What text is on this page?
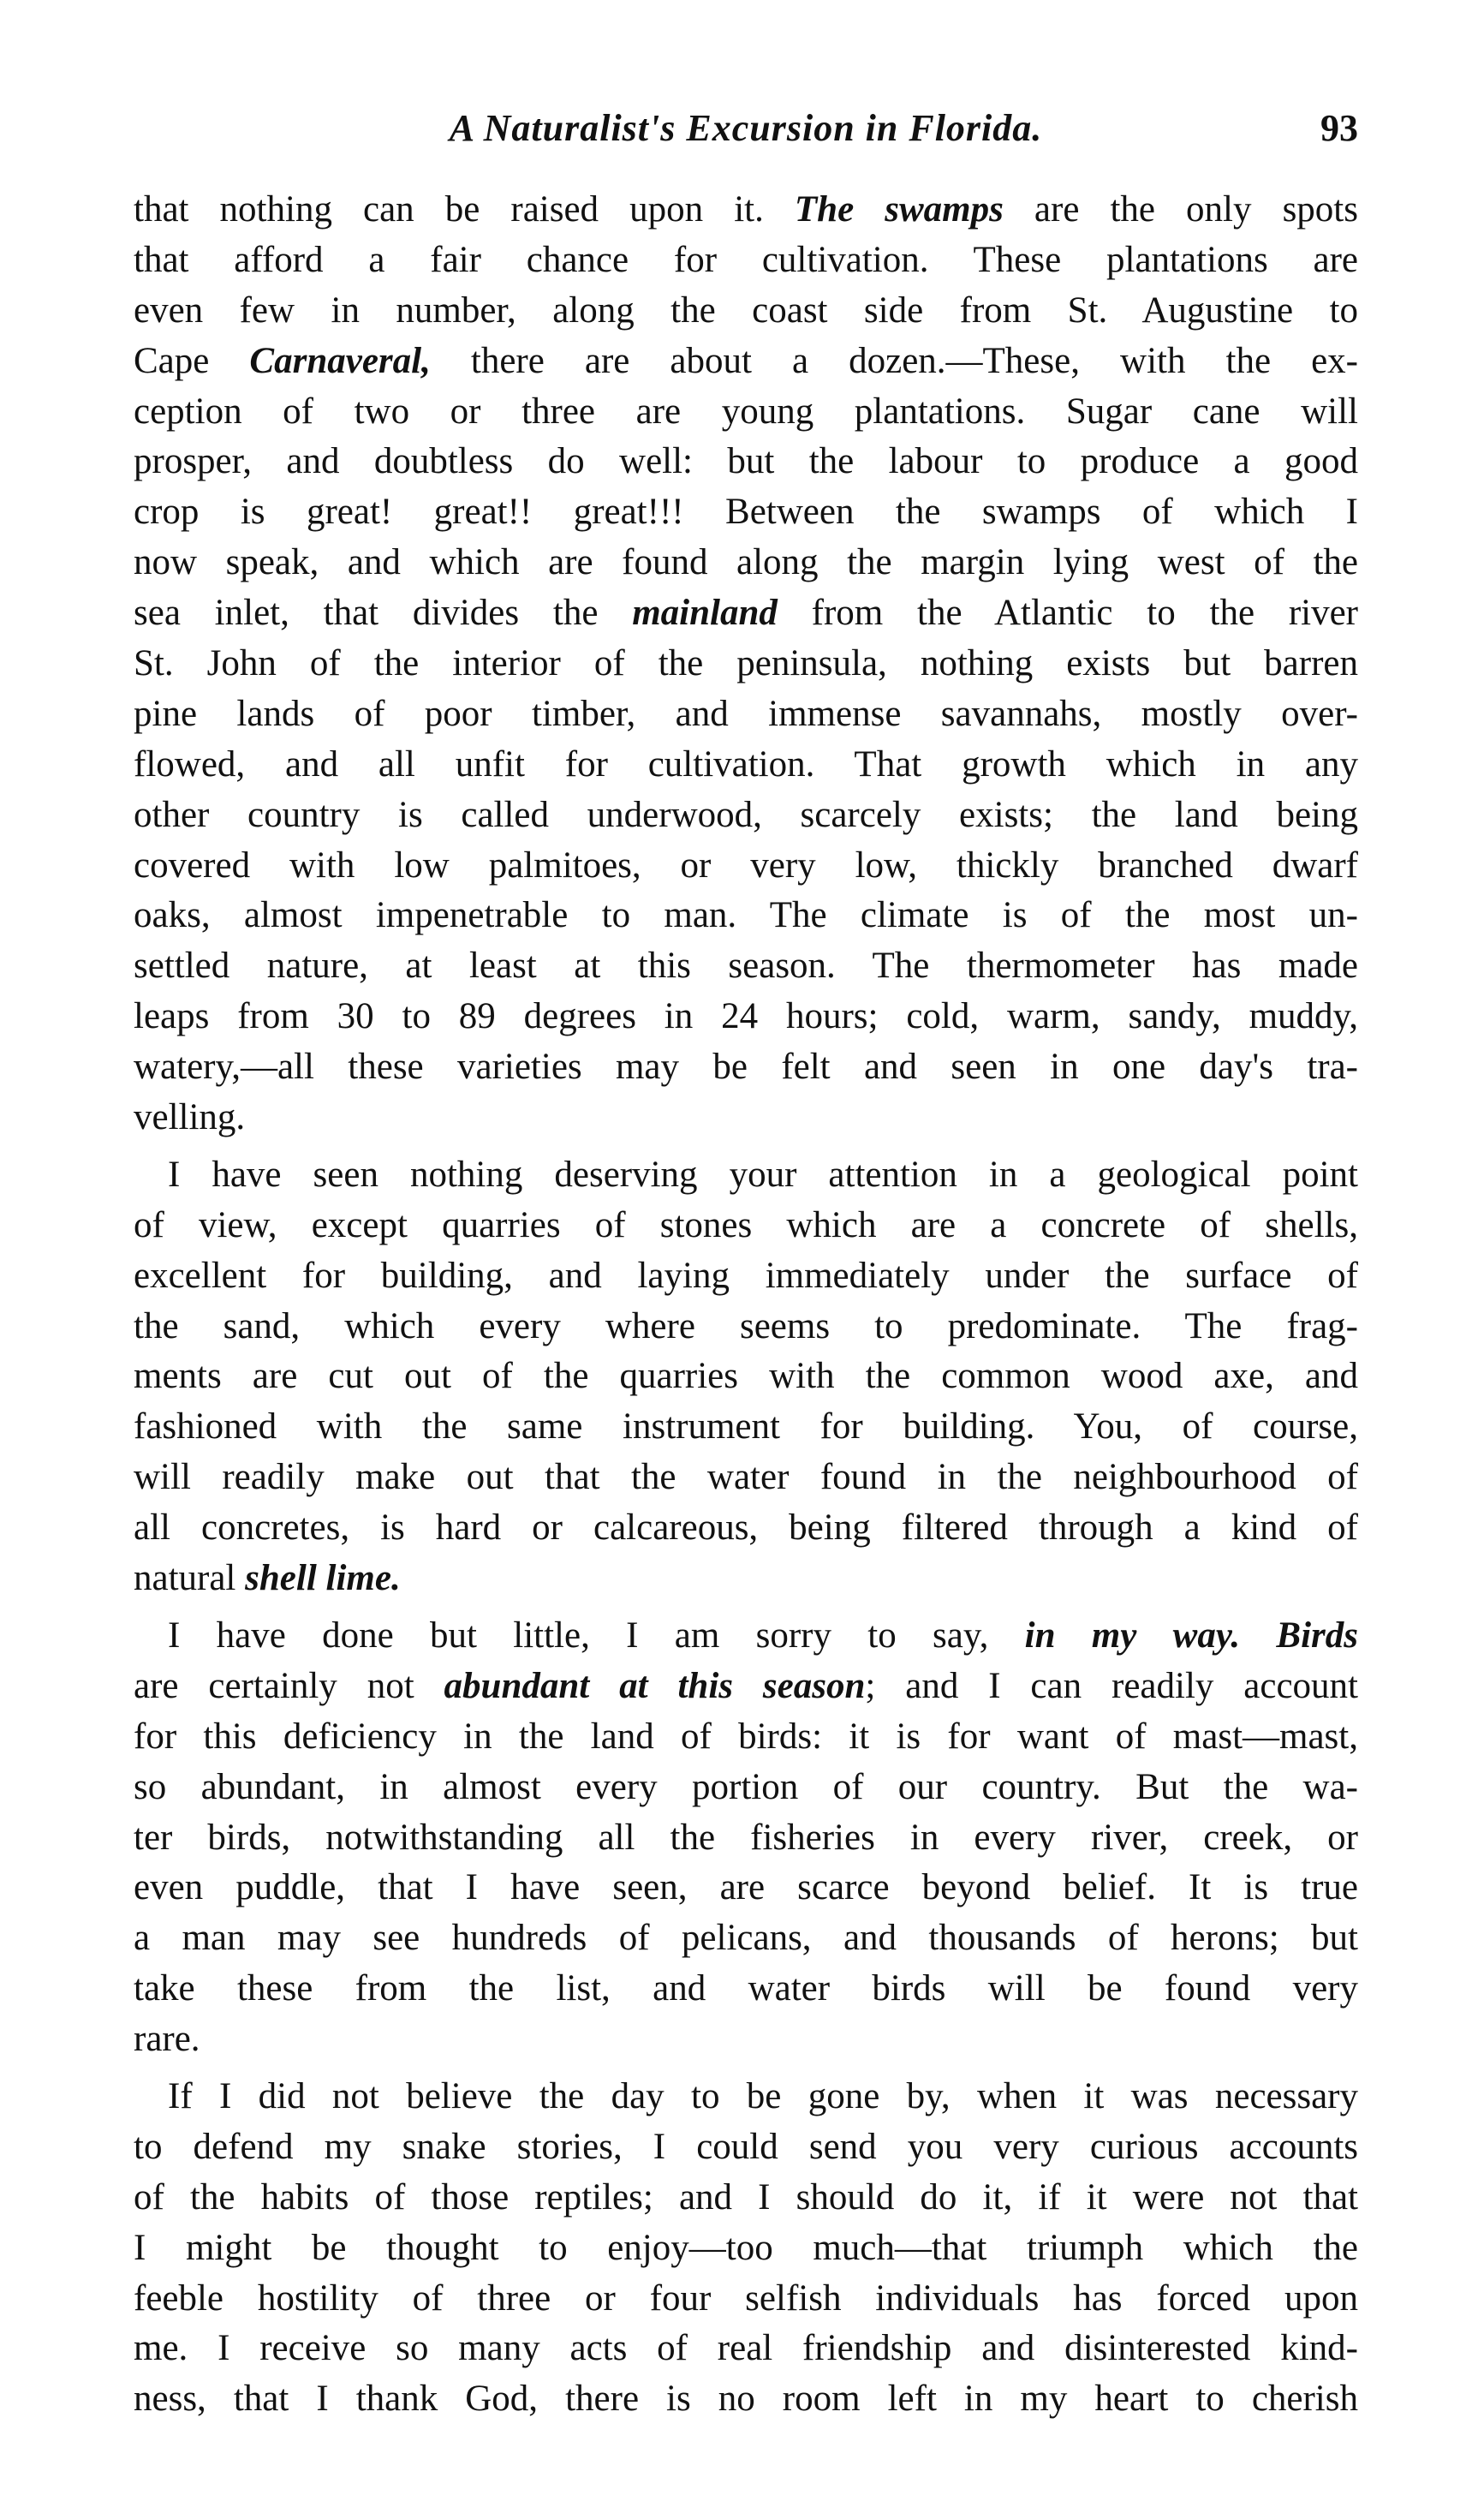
A Naturalist's Excursion in Florida.	93
that nothing can be raised upon it. The swamps are the only spots
that afford a fair chance for cultivation. These plantations are
even few in number, along the coast side from St. Augustine to
Cape Carnaveral, there are about a dozen.—These, with the ex-
ception of two or three are young plantations. Sugar cane will
prosper, and doubtless do well: but the labour to produce a good
crop is great! great!! great!!! Between the swamps of which I
now speak, and which are found along the margin lying west of the
sea inlet, that divides the mainland from the Atlantic to the river
St. John of the interior of the peninsula, nothing exists but barren
pine lands of poor timber, and immense savannahs, mostly over-
flowed, and all unfit for cultivation. That growth which in any
other country is called underwood, scarcely exists; the land being
covered with low palmitoes, or very low, thickly branched dwarf
oaks, almost impenetrable to man. The climate is of the most un-
settled nature, at least at this season. The thermometer has made
leaps from 30 to 89 degrees in 24 hours; cold, warm, sandy, muddy,
watery,—all these varieties may be felt and seen in one day's tra-
velling.
I have seen nothing deserving your attention in a geological point
of view, except quarries of stones which are a concrete of shells,
excellent for building, and laying immediately under the surface of
the sand, which every where seems to predominate. The frag-
ments are cut out of the quarries with the common wood axe, and
fashioned with the same instrument for building. You, of course,
will readily make out that the water found in the neighbourhood of
all concretes, is hard or calcareous, being filtered through a kind of
natural shell lime.
I have done but little, I am sorry to say, in my way. Birds
are certainly not abundant at this season; and I can readily account
for this deficiency in the land of birds: it is for want of mast—mast,
so abundant, in almost every portion of our country. But the wa-
ter birds, notwithstanding all the fisheries in every river, creek, or
even puddle, that I have seen, are scarce beyond belief. It is true
a man may see hundreds of pelicans, and thousands of herons; but
take these from the list, and water birds will be found very
rare.
If I did not believe the day to be gone by, when it was necessary
to defend my snake stories, I could send you very curious accounts
of the habits of those reptiles; and I should do it, if it were not that
I might be thought to enjoy—too much—that triumph which the
feeble hostility of three or four selfish individuals has forced upon
me. I receive so many acts of real friendship and disinterested kind-
ness, that I thank God, there is no room left in my heart to cherish
